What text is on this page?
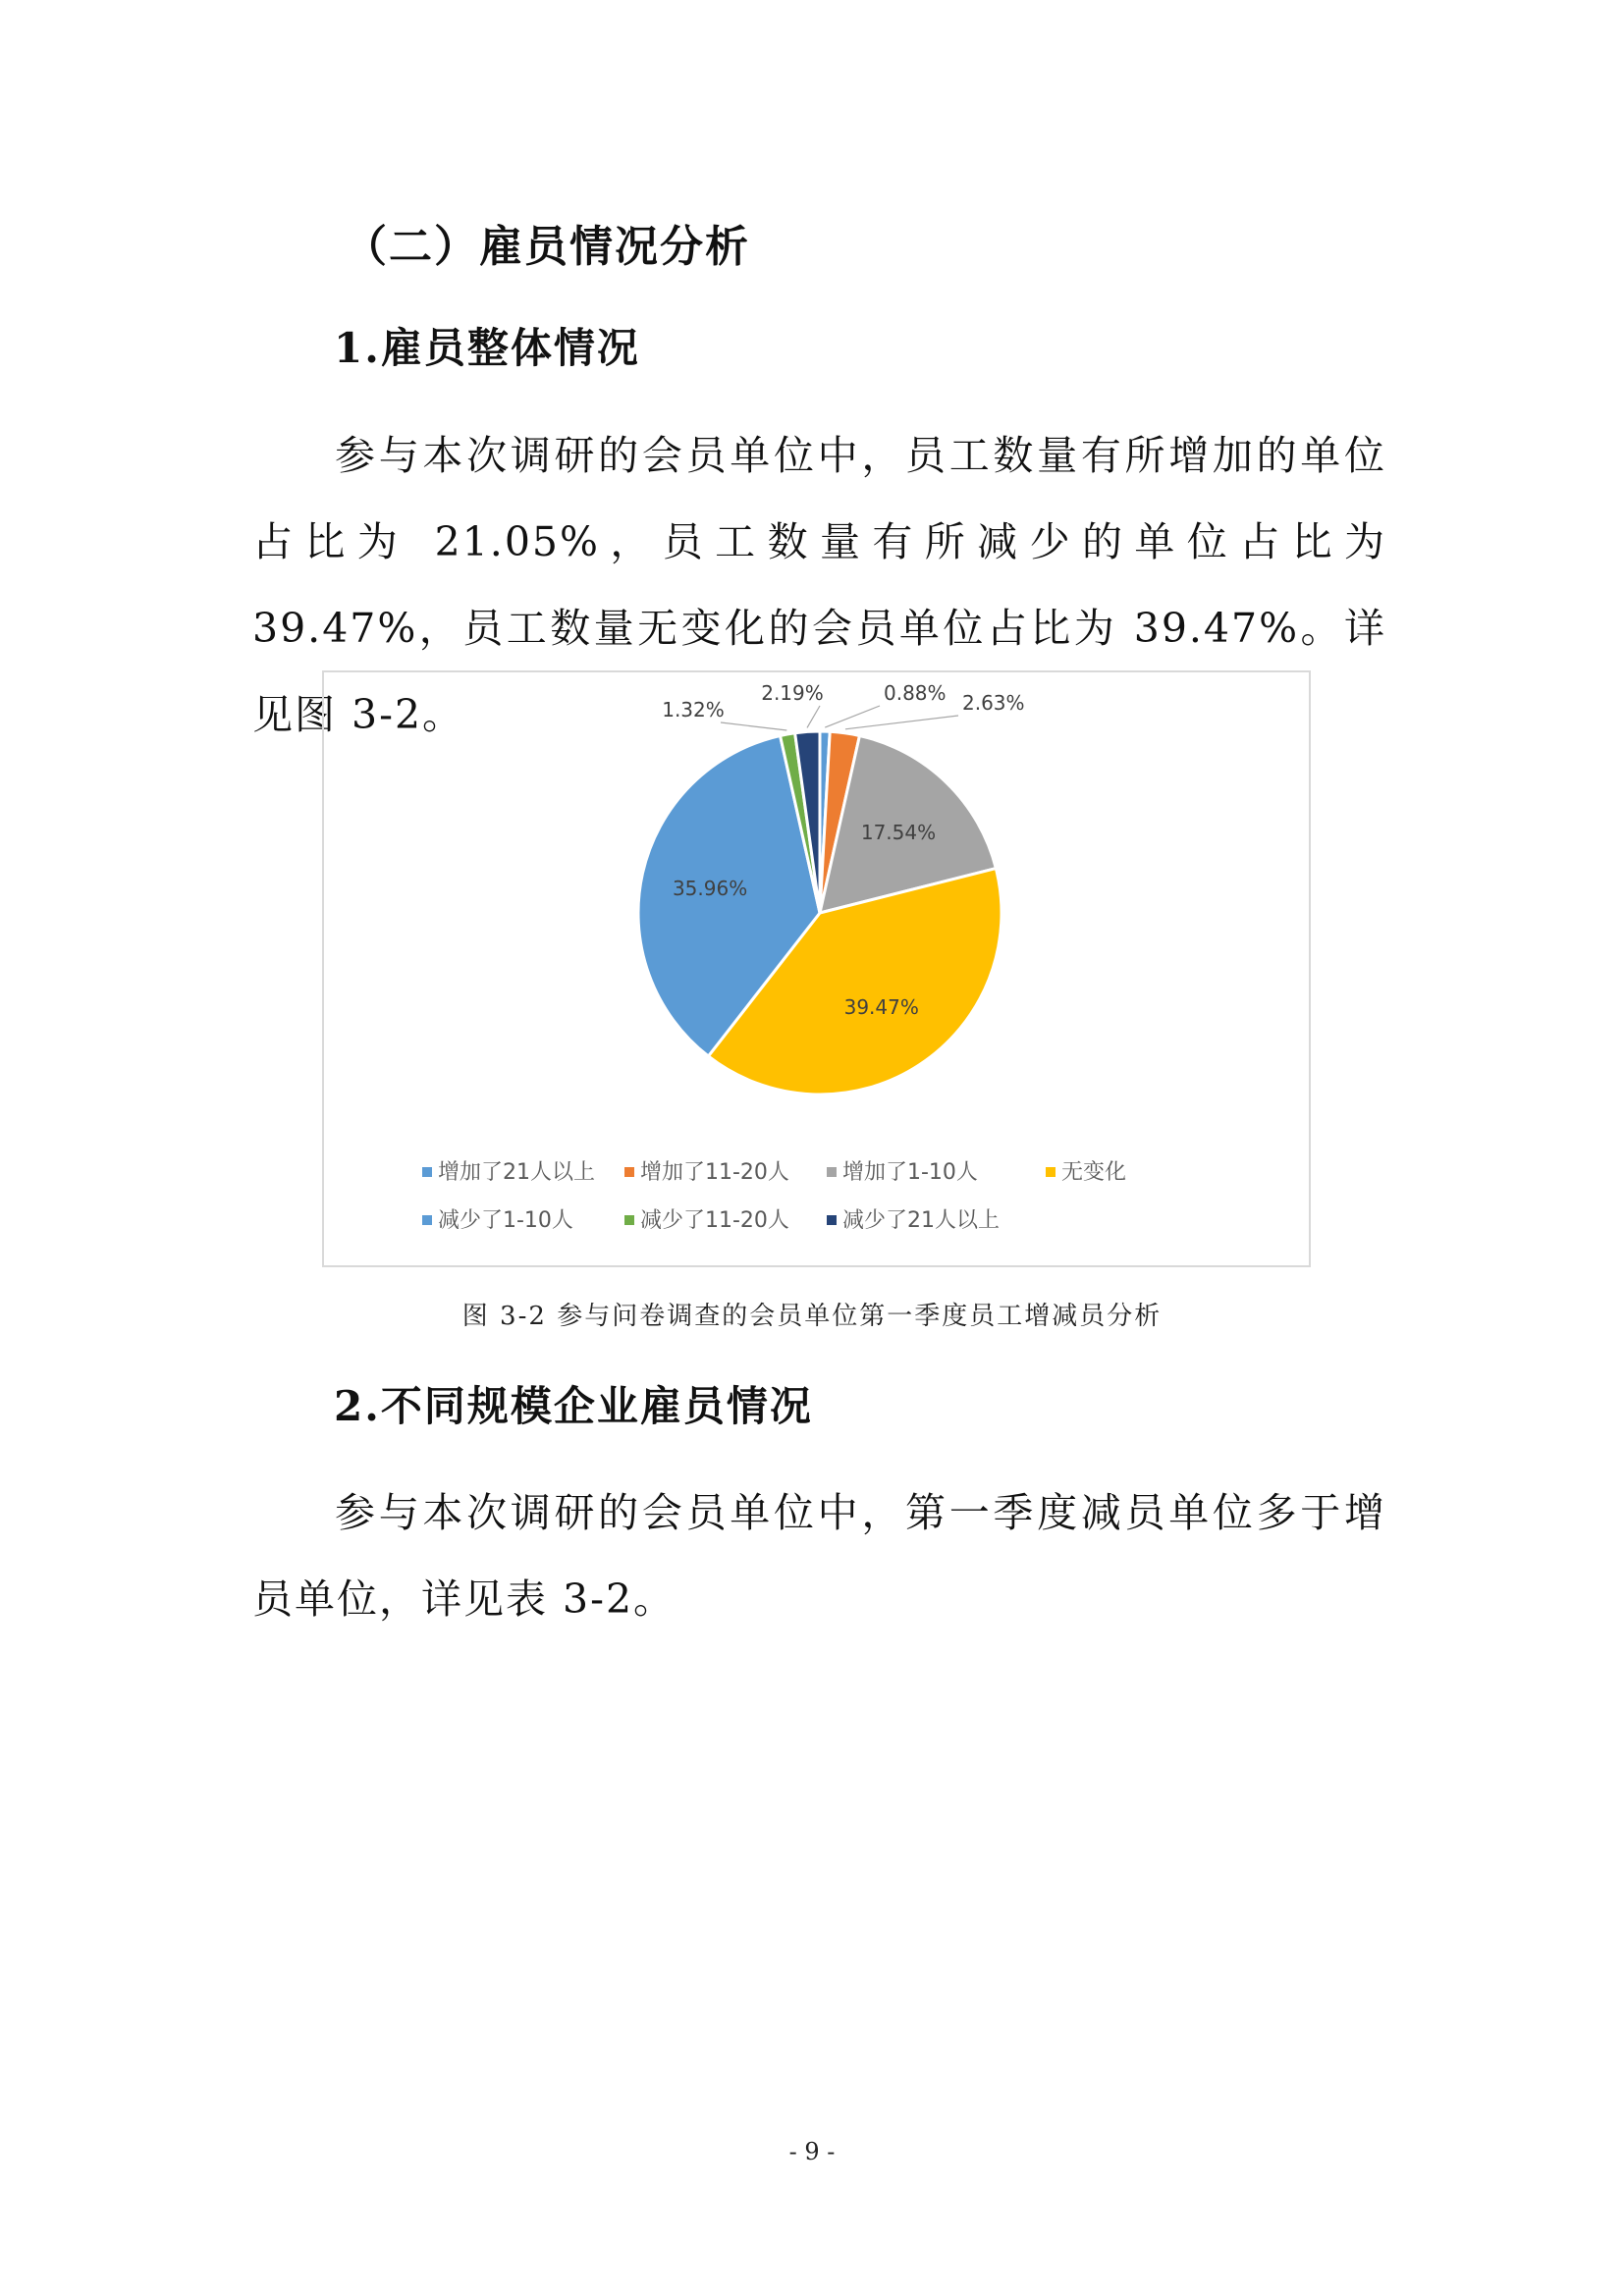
（二）雇员情况分析
1.雇员整体情况
参与本次调研的会员单位中，员工数量有所增加的单位占比为 21.05%，员工数量有所减少的单位占比为 39.47%，员工数量无变化的会员单位占比为 39.47%。详见图 3-2。	0.88% 2.63%
17.54%
39.47%
35.96%
1.32%
2.19%
增加了21人以上 增加了11-20人 增加了1-10人	无变化
减少了1-10人	减少了11-20人 减少了21人以上
图 3-2 参与问卷调查的会员单位第一季度员工增减员分析
2.不同规模企业雇员情况
参与本次调研的会员单位中，第一季度减员单位多于增员单位，详见表 3-2。
- 9 -
